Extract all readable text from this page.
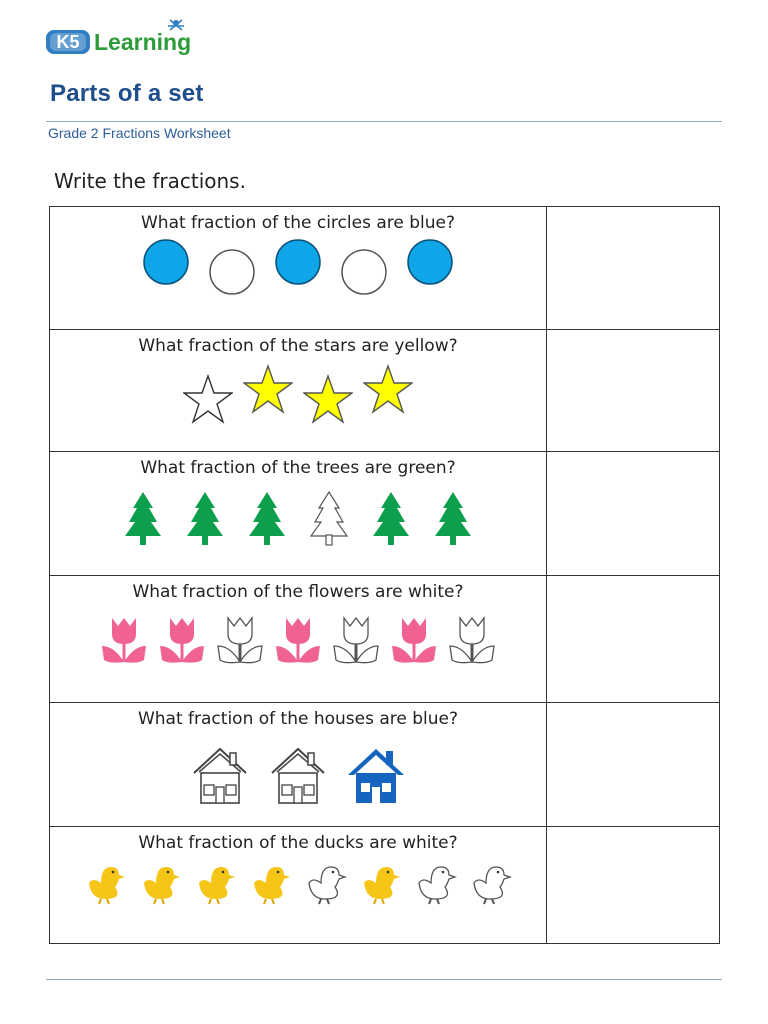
K5 Learning
Parts of a set

Grade 2 Fractions Worksheet

Write the fractions.

What fraction of the circles are blue?	

What fraction of the stars are yellow?	

What fraction of the trees are green?	

What fraction of the flowers are white?	

What fraction of the houses are blue?	

What fraction of the ducks are white?	
